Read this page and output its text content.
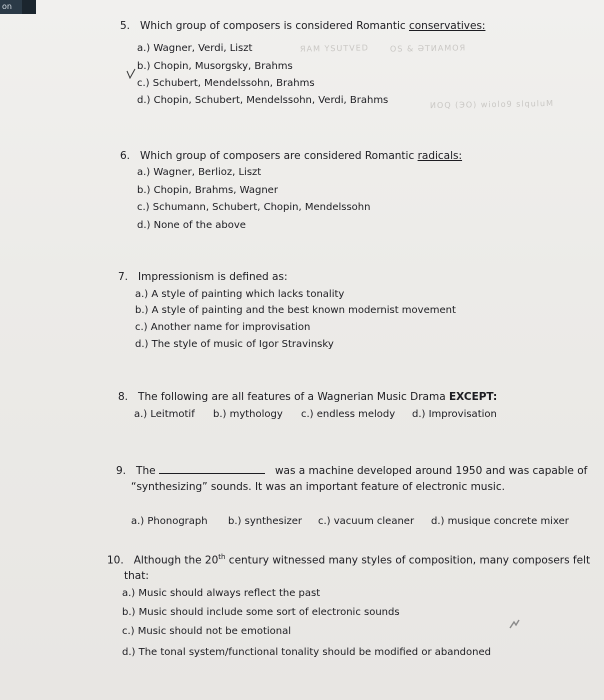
on
ЯАМ YSUTVED	OS & ӘТИAMOЯ
ИОQ (ЭО) wiolo9 slquluM
5. Which group of composers is considered Romantic conservatives:
a.) Wagner, Verdi, Liszt
b.) Chopin, Musorgsky, Brahms
c.) Schubert, Mendelssohn, Brahms
d.) Chopin, Schubert, Mendelssohn, Verdi, Brahms
6. Which group of composers are considered Romantic radicals:
a.) Wagner, Berlioz, Liszt
b.) Chopin, Brahms, Wagner
c.) Schumann, Schubert, Chopin, Mendelssohn
d.) None of the above
7. Impressionism is defined as:
a.) A style of painting which lacks tonality
b.) A style of painting and the best known modernist movement
c.) Another name for improvisation
d.) The style of music of Igor Stravinsky
8. The following are all features of a Wagnerian Music Drama EXCEPT:
a.) Leitmotif b.) mythology c.) endless melody d.) Improvisation
9. The	was a machine developed around 1950 and was capable of
“synthesizing” sounds. It was an important feature of electronic music.
a.) Phonograph b.) synthesizer c.) vacuum cleaner d.) musique concrete mixer
10. Although the 20th century witnessed many styles of composition, many composers felt
that:
a.) Music should always reflect the past
b.) Music should include some sort of electronic sounds
c.) Music should not be emotional
d.) The tonal system/functional tonality should be modified or abandoned
